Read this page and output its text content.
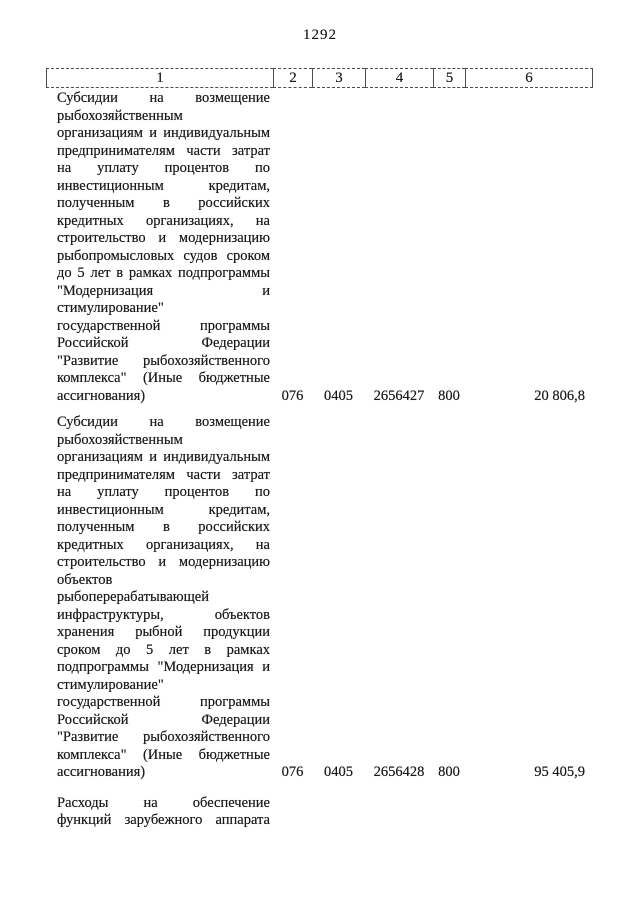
1292
1	2	3	4	5	6
Субсидии на возмещение
рыбохозяйственным
организациям и индивидуальным
предпринимателям части затрат
на уплату процентов по
инвестиционным кредитам,
полученным в российских
кредитных организациях, на
строительство и модернизацию
рыбопромысловых судов сроком
до 5 лет в рамках подпрограммы
"Модернизация и
стимулирование"
государственной программы
Российской Федерации
"Развитие рыбохозяйственного
комплекса" (Иные бюджетные
ассигнования)	076	0405	2656427 800	20 806,8
Субсидии на возмещение
рыбохозяйственным
организациям и индивидуальным
предпринимателям части затрат
на уплату процентов по
инвестиционным кредитам,
полученным в российских
кредитных организациях, на
строительство и модернизацию
объектов
рыбоперерабатывающей
инфраструктуры, объектов
хранения рыбной продукции
сроком до 5 лет в рамках
подпрограммы "Модернизация и
стимулирование"
государственной программы
Российской Федерации
"Развитие рыбохозяйственного
комплекса" (Иные бюджетные
ассигнования)	076	0405	2656428 800	95 405,9
Расходы на обеспечение
функций зарубежного аппарата
